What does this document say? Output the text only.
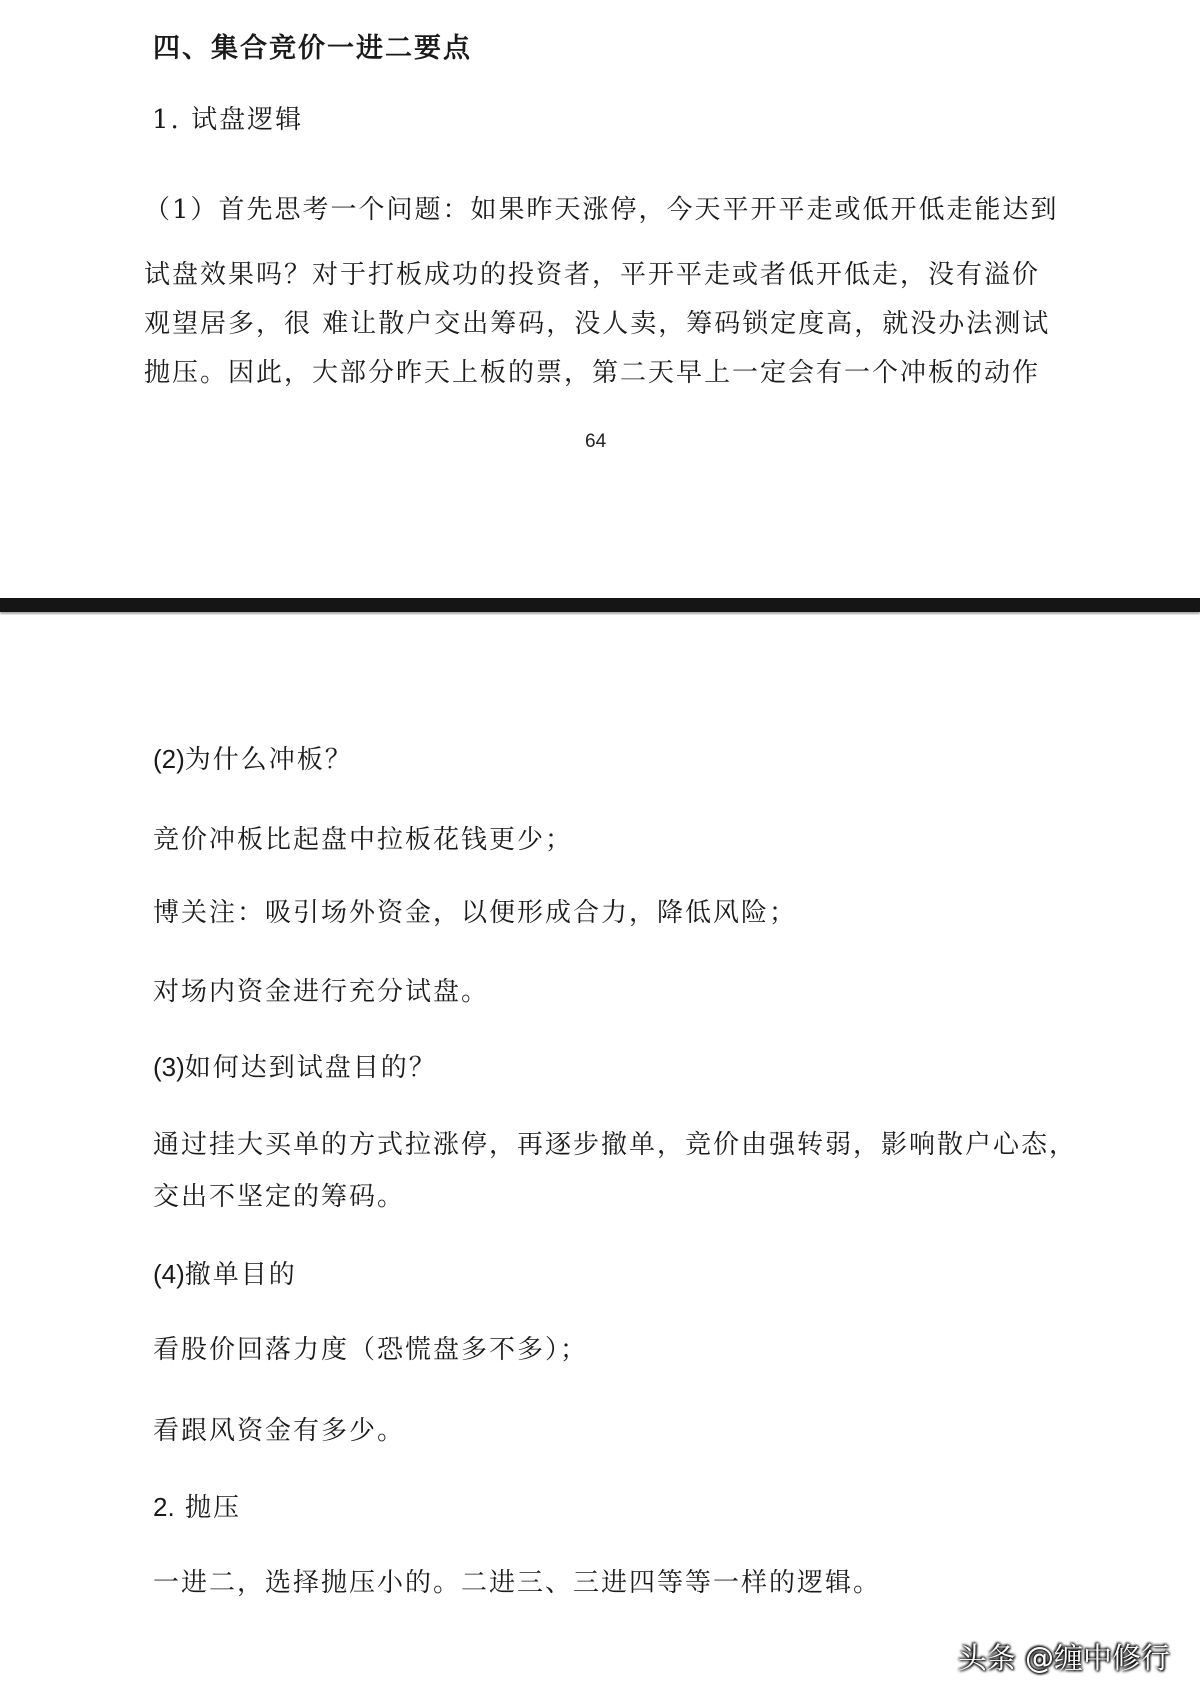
四、集合竞价一进二要点
1. 试盘逻辑
（1）首先思考一个问题：如果昨天涨停，今天平开平走或低开低走能达到
试盘效果吗？对于打板成功的投资者，平开平走或者低开低走，没有溢价
观望居多，很 难让散户交出筹码，没人卖，筹码锁定度高，就没办法测试
抛压。因此，大部分昨天上板的票，第二天早上一定会有一个冲板的动作
64
(2)为什么冲板？
竞价冲板比起盘中拉板花钱更少；
博关注：吸引场外资金，以便形成合力，降低风险；
对场内资金进行充分试盘。
(3)如何达到试盘目的？
通过挂大买单的方式拉涨停，再逐步撤单，竞价由强转弱，影响散户心态，
交出不坚定的筹码。
(4)撤单目的
看股价回落力度（恐慌盘多不多）；
看跟风资金有多少。
2. 抛压
一进二，选择抛压小的。二进三、三进四等等一样的逻辑。
头条 @缠中修行
